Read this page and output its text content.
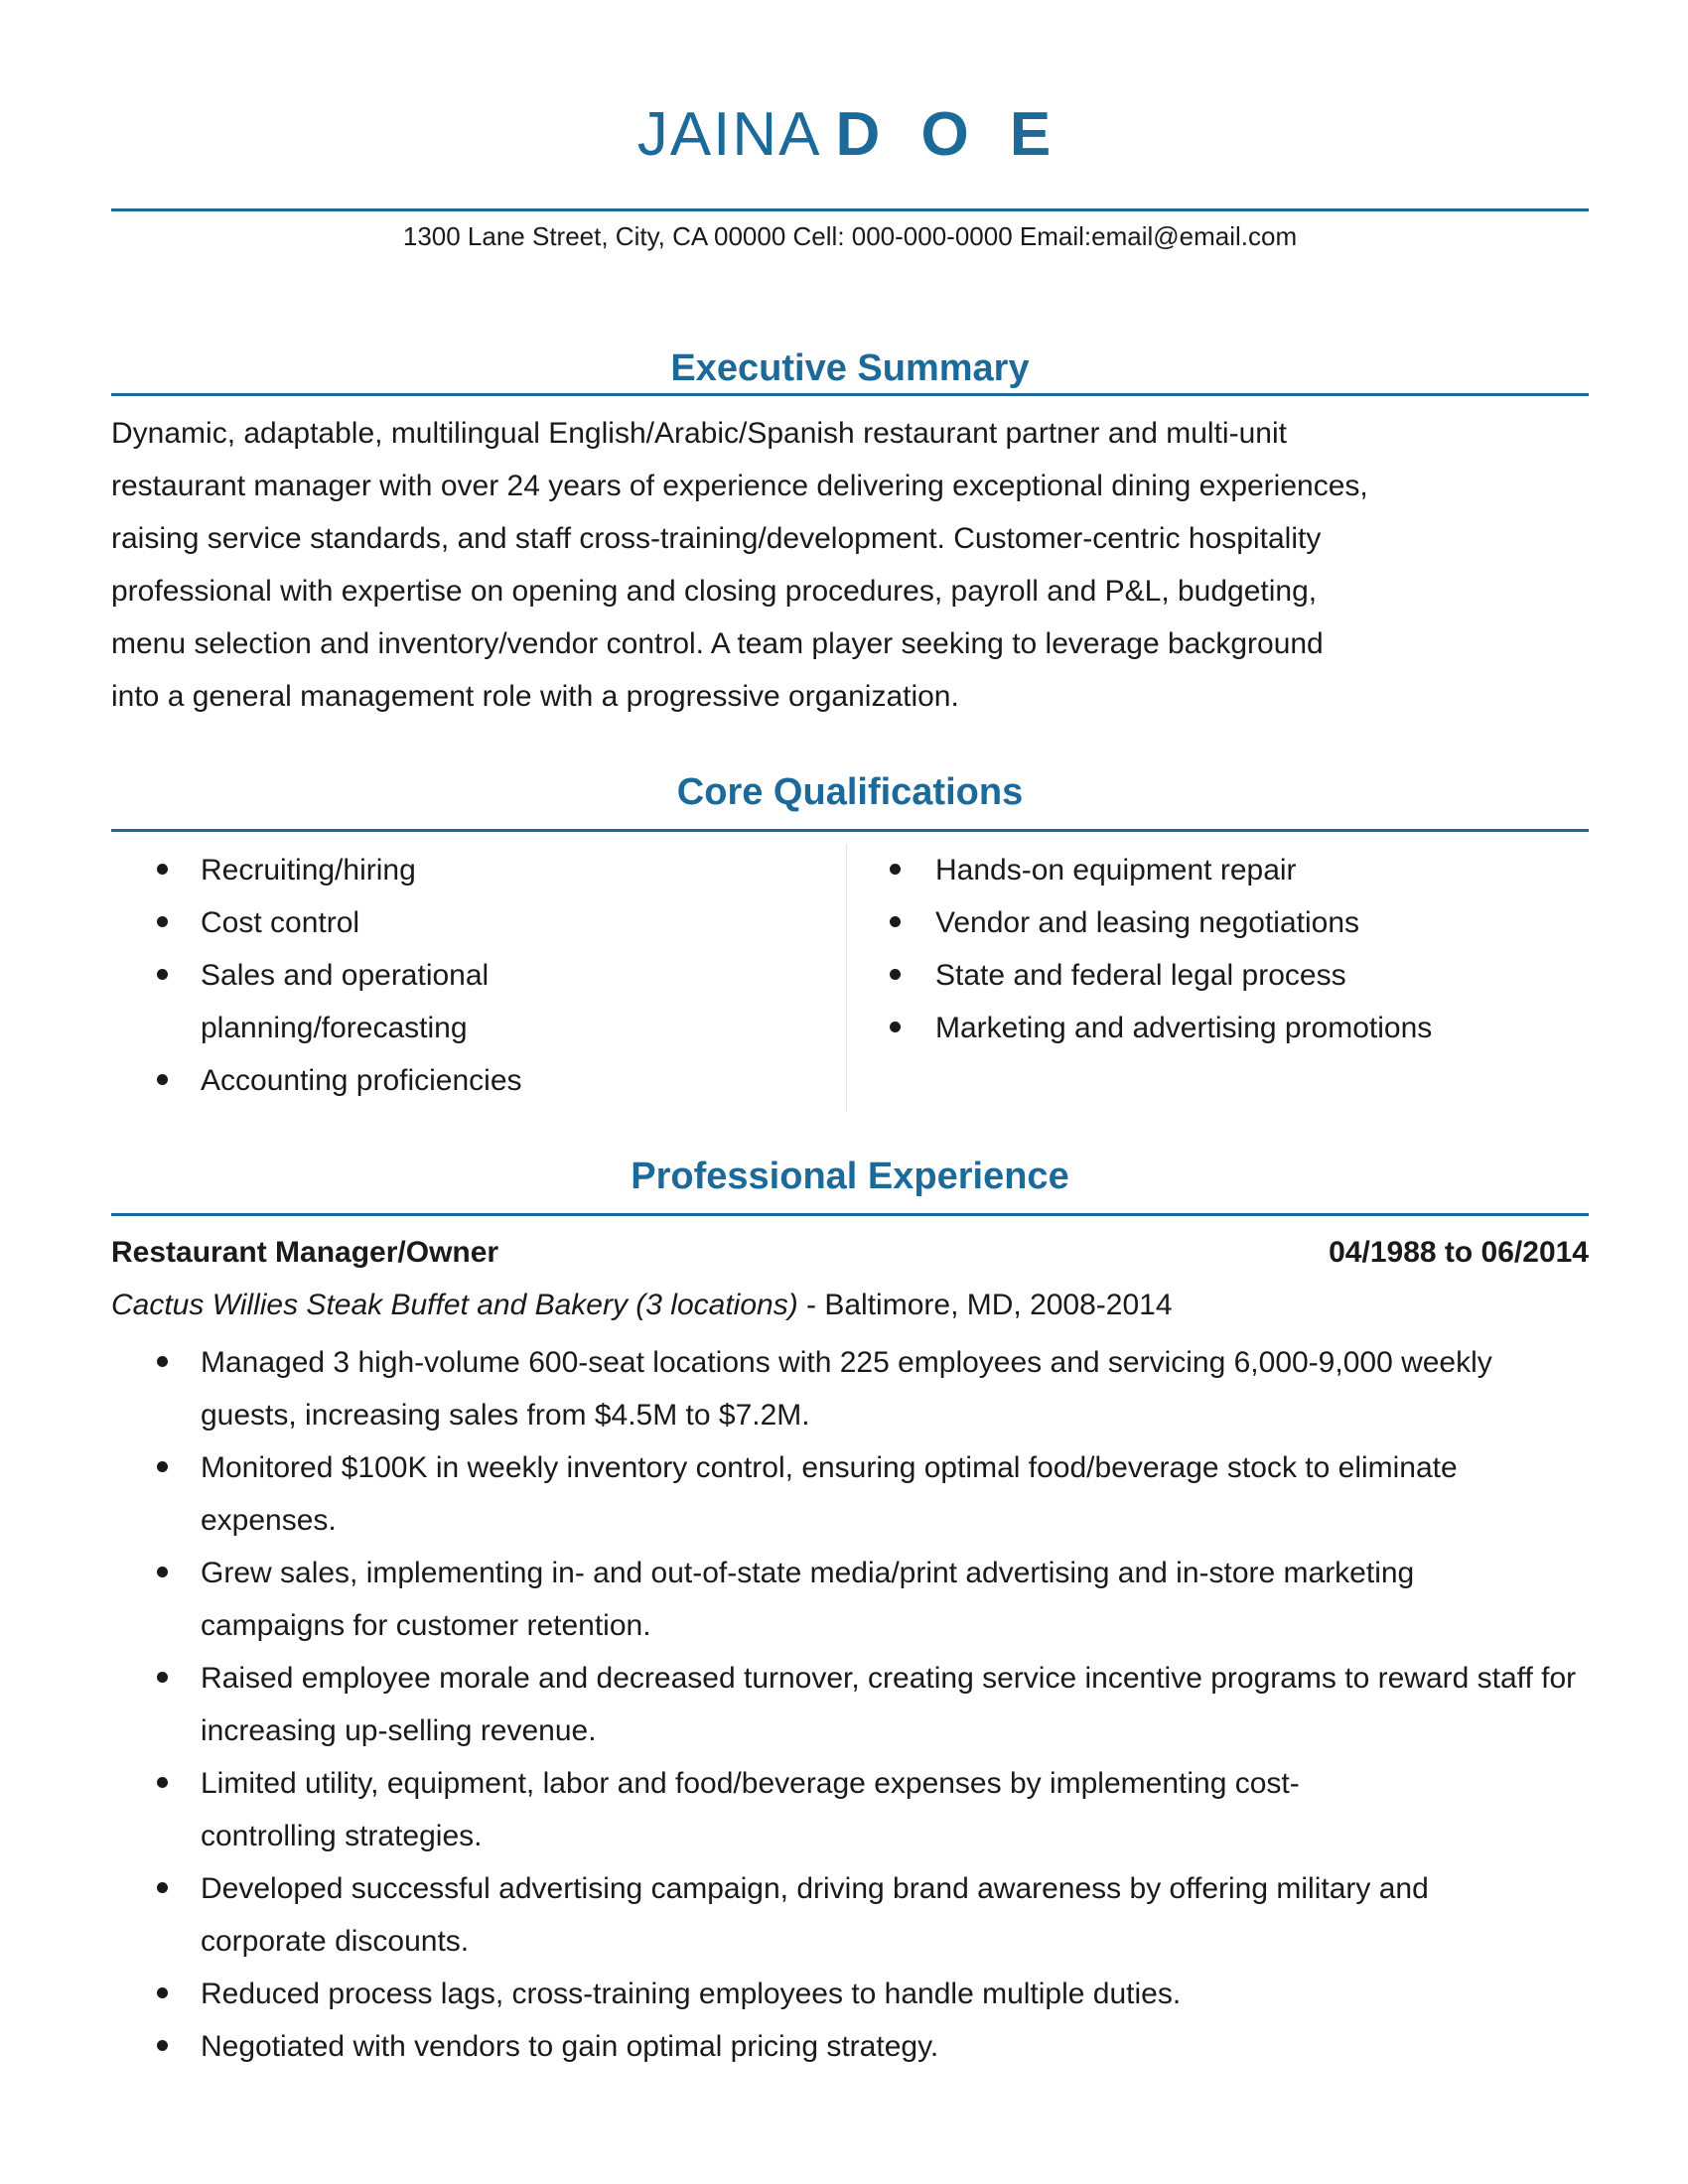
JAINA D O E
1300 Lane Street, City, CA 00000 Cell: 000-000-0000 Email:email@email.com
Executive Summary
Dynamic, adaptable, multilingual English/Arabic/Spanish restaurant partner and multi-unit
restaurant manager with over 24 years of experience delivering exceptional dining experiences,
raising service standards, and staff cross-training/development. Customer-centric hospitality
professional with expertise on opening and closing procedures, payroll and P&L, budgeting,
menu selection and inventory/vendor control. A team player seeking to leverage background
into a general management role with a progressive organization.
Core Qualifications
Recruiting/hiring
Cost control
Sales and operational planning/forecasting
Accounting proficiencies
Hands-on equipment repair
Vendor and leasing negotiations
State and federal legal process
Marketing and advertising promotions
Professional Experience
Restaurant Manager/Owner	04/1988 to 06/2014
Cactus Willies Steak Buffet and Bakery (3 locations) - Baltimore, MD, 2008-2014
Managed 3 high-volume 600-seat locations with 225 employees and servicing 6,000-9,000 weekly guests, increasing sales from $4.5M to $7.2M.
Monitored $100K in weekly inventory control, ensuring optimal food/beverage stock to eliminate expenses.
Grew sales, implementing in- and out-of-state media/print advertising and in-store marketing campaigns for customer retention.
Raised employee morale and decreased turnover, creating service incentive programs to reward staff for increasing up-selling revenue.
Limited utility, equipment, labor and food/beverage expenses by implementing cost-controlling strategies.
Developed successful advertising campaign, driving brand awareness by offering military and corporate discounts.
Reduced process lags, cross-training employees to handle multiple duties.
Negotiated with vendors to gain optimal pricing strategy.
